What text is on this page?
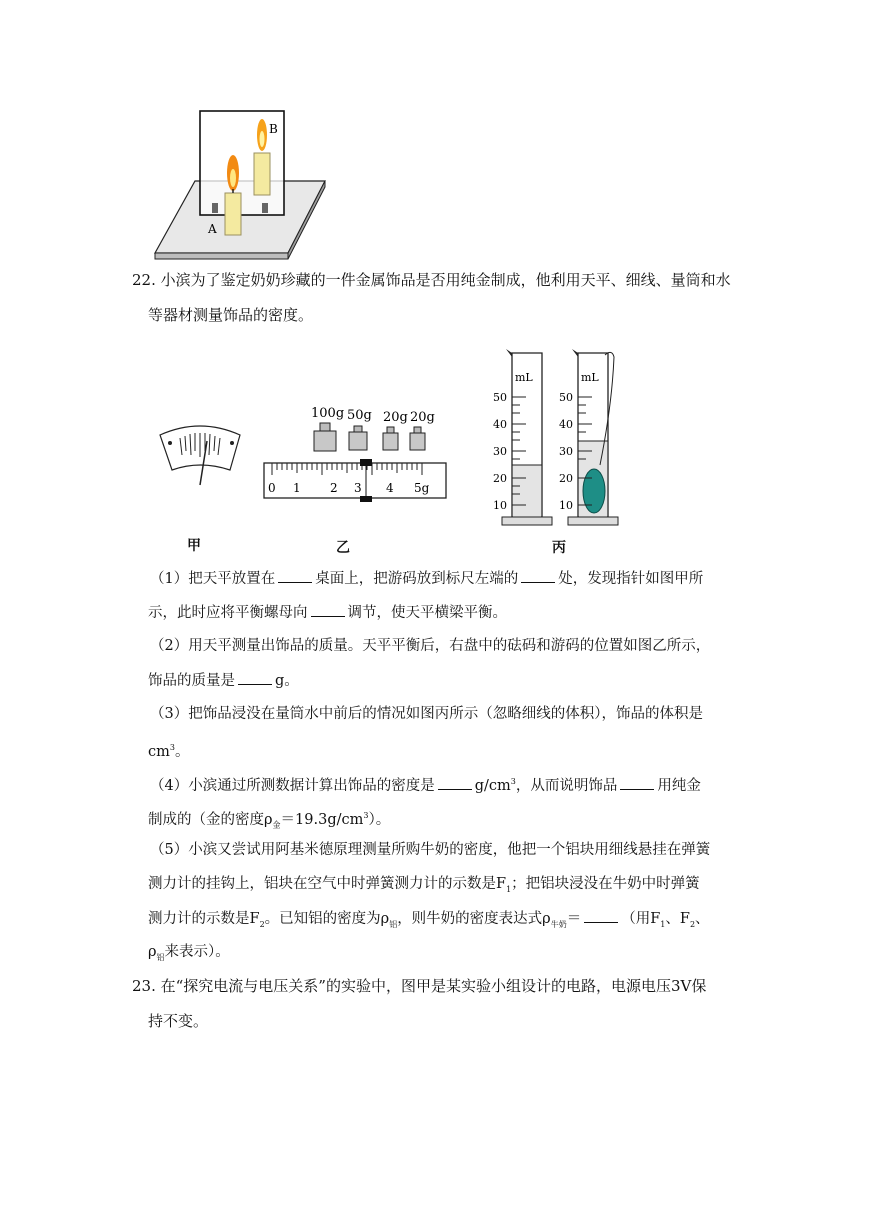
B
A
22. 小滨为了鉴定奶奶珍藏的一件金属饰品是否用纯金制成，他利用天平、细线、量筒和水
等器材测量饰品的密度。
100g 50g 20g 20g
0 1 2 3 4 5g
mL
50
40
30
20
10
mL
50
40
30
20
10
甲	乙	丙
（1）把天平放置在	桌面上，把游码放到标尺左端的	处，发现指针如图甲所
示，此时应将平衡螺母向	调节，使天平横梁平衡。
（2）用天平测量出饰品的质量。天平平衡后，右盘中的砝码和游码的位置如图乙所示，
饰品的质量是	g。
（3）把饰品浸没在量筒水中前后的情况如图丙所示（忽略细线的体积），饰品的体积是
$cm^3$。
（4）小滨通过所测数据计算出饰品的密度是	$g/cm^3$，从而说明饰品	用纯金
制成的（金的密度$\rho_金=19.3g/cm^3$）。
（5）小滨又尝试用阿基米德原理测量所购牛奶的密度，他把一个铝块用细线悬挂在弹簧
测力计的挂钩上，铝块在空气中时弹簧测力计的示数是$F_1$；把铝块浸没在牛奶中时弹簧
测力计的示数是$F_2$。已知铝的密度为$\rho_铝$，则牛奶的密度表达式$\rho_{牛奶}=$	（用$F_1$、$F_2$、
$\rho_铝$来表示）。
23. 在“探究电流与电压关系”的实验中，图甲是某实验小组设计的电路，电源电压3V保
持不变。
